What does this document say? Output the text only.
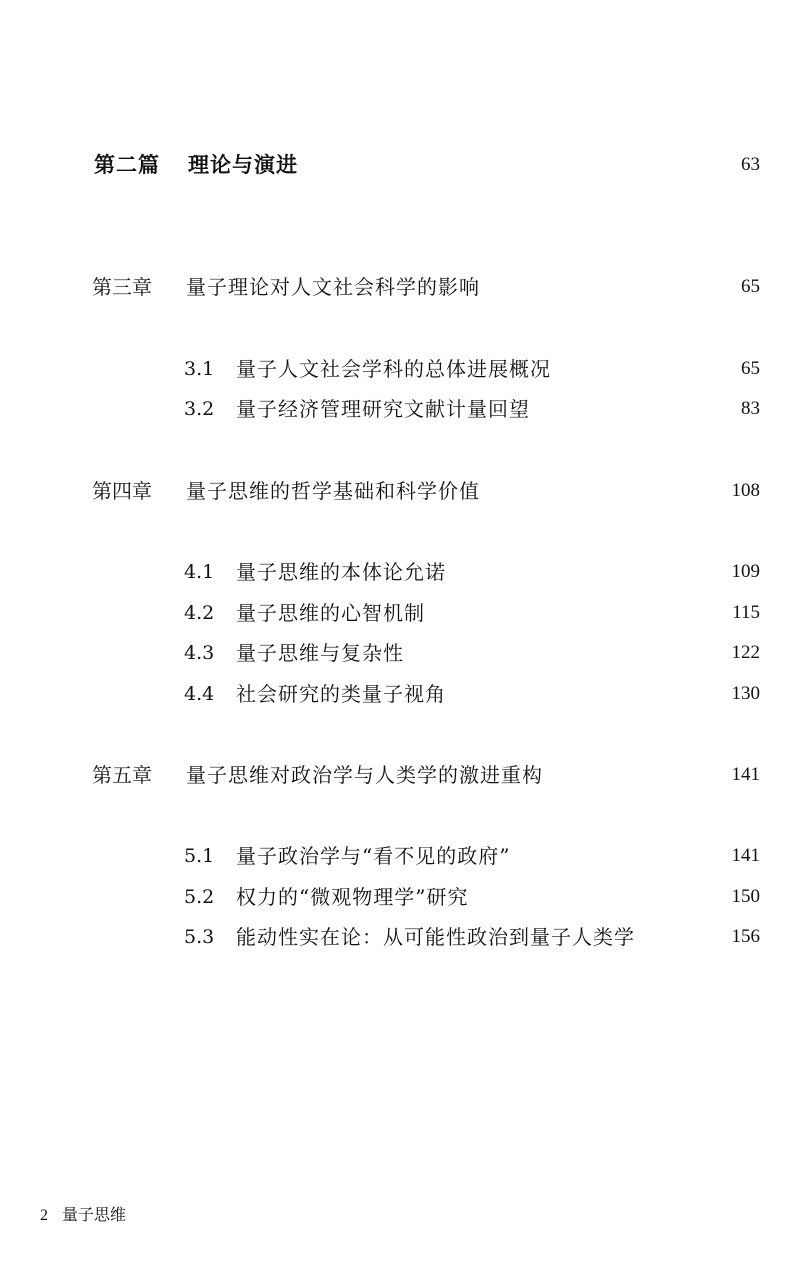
第二篇 理论与演进	63
第三章 量子理论对人文社会科学的影响	65
3.1 量子人文社会学科的总体进展概况	65
3.2 量子经济管理研究文献计量回望	83
第四章 量子思维的哲学基础和科学价值	108
4.1 量子思维的本体论允诺	109
4.2 量子思维的心智机制	115
4.3 量子思维与复杂性	122
4.4 社会研究的类量子视角	130
第五章 量子思维对政治学与人类学的激进重构	141
5.1 量子政治学与“看不见的政府”	141
5.2 权力的“微观物理学”研究	150
5.3 能动性实在论：从可能性政治到量子人类学	156
2 量子思维
